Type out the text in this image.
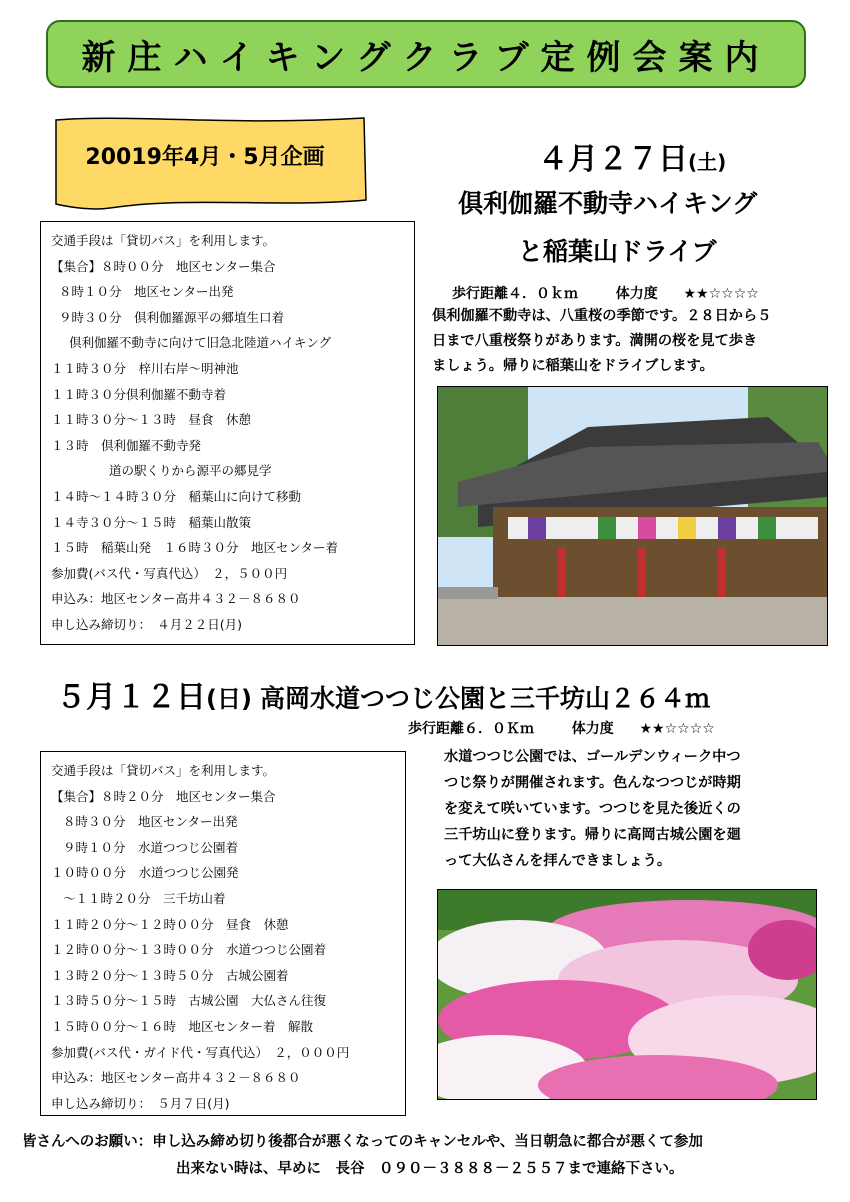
新庄ハイキングクラブ定例会案内
20019年4月・5月企画	４月２７日(土)
倶利伽羅不動寺ハイキング
と稲葉山ドライブ
歩行距離４．０ｋｍ	体力度 ★★☆☆☆☆
倶利伽羅不動寺は、八重桜の季節です。２８日から５
日まで八重桜祭りがあります。満開の桜を見て歩き
ましょう。帰りに稲葉山をドライブします。
交通手段は「貸切バス」を利用します。
【集合】８時００分　地区センター集合
８時１０分　地区センター出発
９時３０分　倶利伽羅源平の郷埴生口着
倶利伽羅不動寺に向けて旧急北陸道ハイキング
１１時３０分　梓川右岸～明神池
１１時３０分倶利伽羅不動寺着
１１時３０分～１３時　昼食　休憩
１３時　倶利伽羅不動寺発
道の駅くりから源平の郷見学
１４時～１４時３０分　稲葉山に向けて移動
１４寺３０分～１５時　稲葉山散策
１５時　稲葉山発　１６時３０分　地区センター着
参加費(バス代・写真代込）　２，５００円
申込み：地区センター高井４３２－８６８０
申し込み締切り：　４月２２日(月)
５月１２日(日) 高岡水道つつじ公園と三千坊山２６４ｍ
歩行距離６．０Ｋｍ	体力度 ★★☆☆☆☆
水道つつじ公園では、ゴールデンウィーク中つ
つじ祭りが開催されます。色んなつつじが時期
を変えて咲いています。つつじを見た後近くの
三千坊山に登ります。帰りに高岡古城公園を廻
って大仏さんを拝んできましょう。
交通手段は「貸切バス」を利用します。
【集合】８時２０分　地区センター集合
８時３０分　地区センター出発
９時１０分　水道つつじ公園着
１０時００分　水道つつじ公園発
～１１時２０分　三千坊山着
１１時２０分～１２時００分　昼食　休憩
１２時００分～１３時００分　水道つつじ公園着
１３時２０分～１３時５０分　古城公園着
１３時５０分～１５時　古城公園　大仏さん往復
１５時００分～１６時　地区センター着　解散
参加費(バス代・ガイド代・写真代込）　２，０００円
申込み：地区センター高井４３２－８６８０
申し込み締切り：　５月７日(月)
皆さんへのお願い：申し込み締め切り後都合が悪くなってのキャンセルや、当日朝急に都合が悪くて参加
出来ない時は、早めに　長谷　０９０－３８８８－２５５７まで連絡下さい。
